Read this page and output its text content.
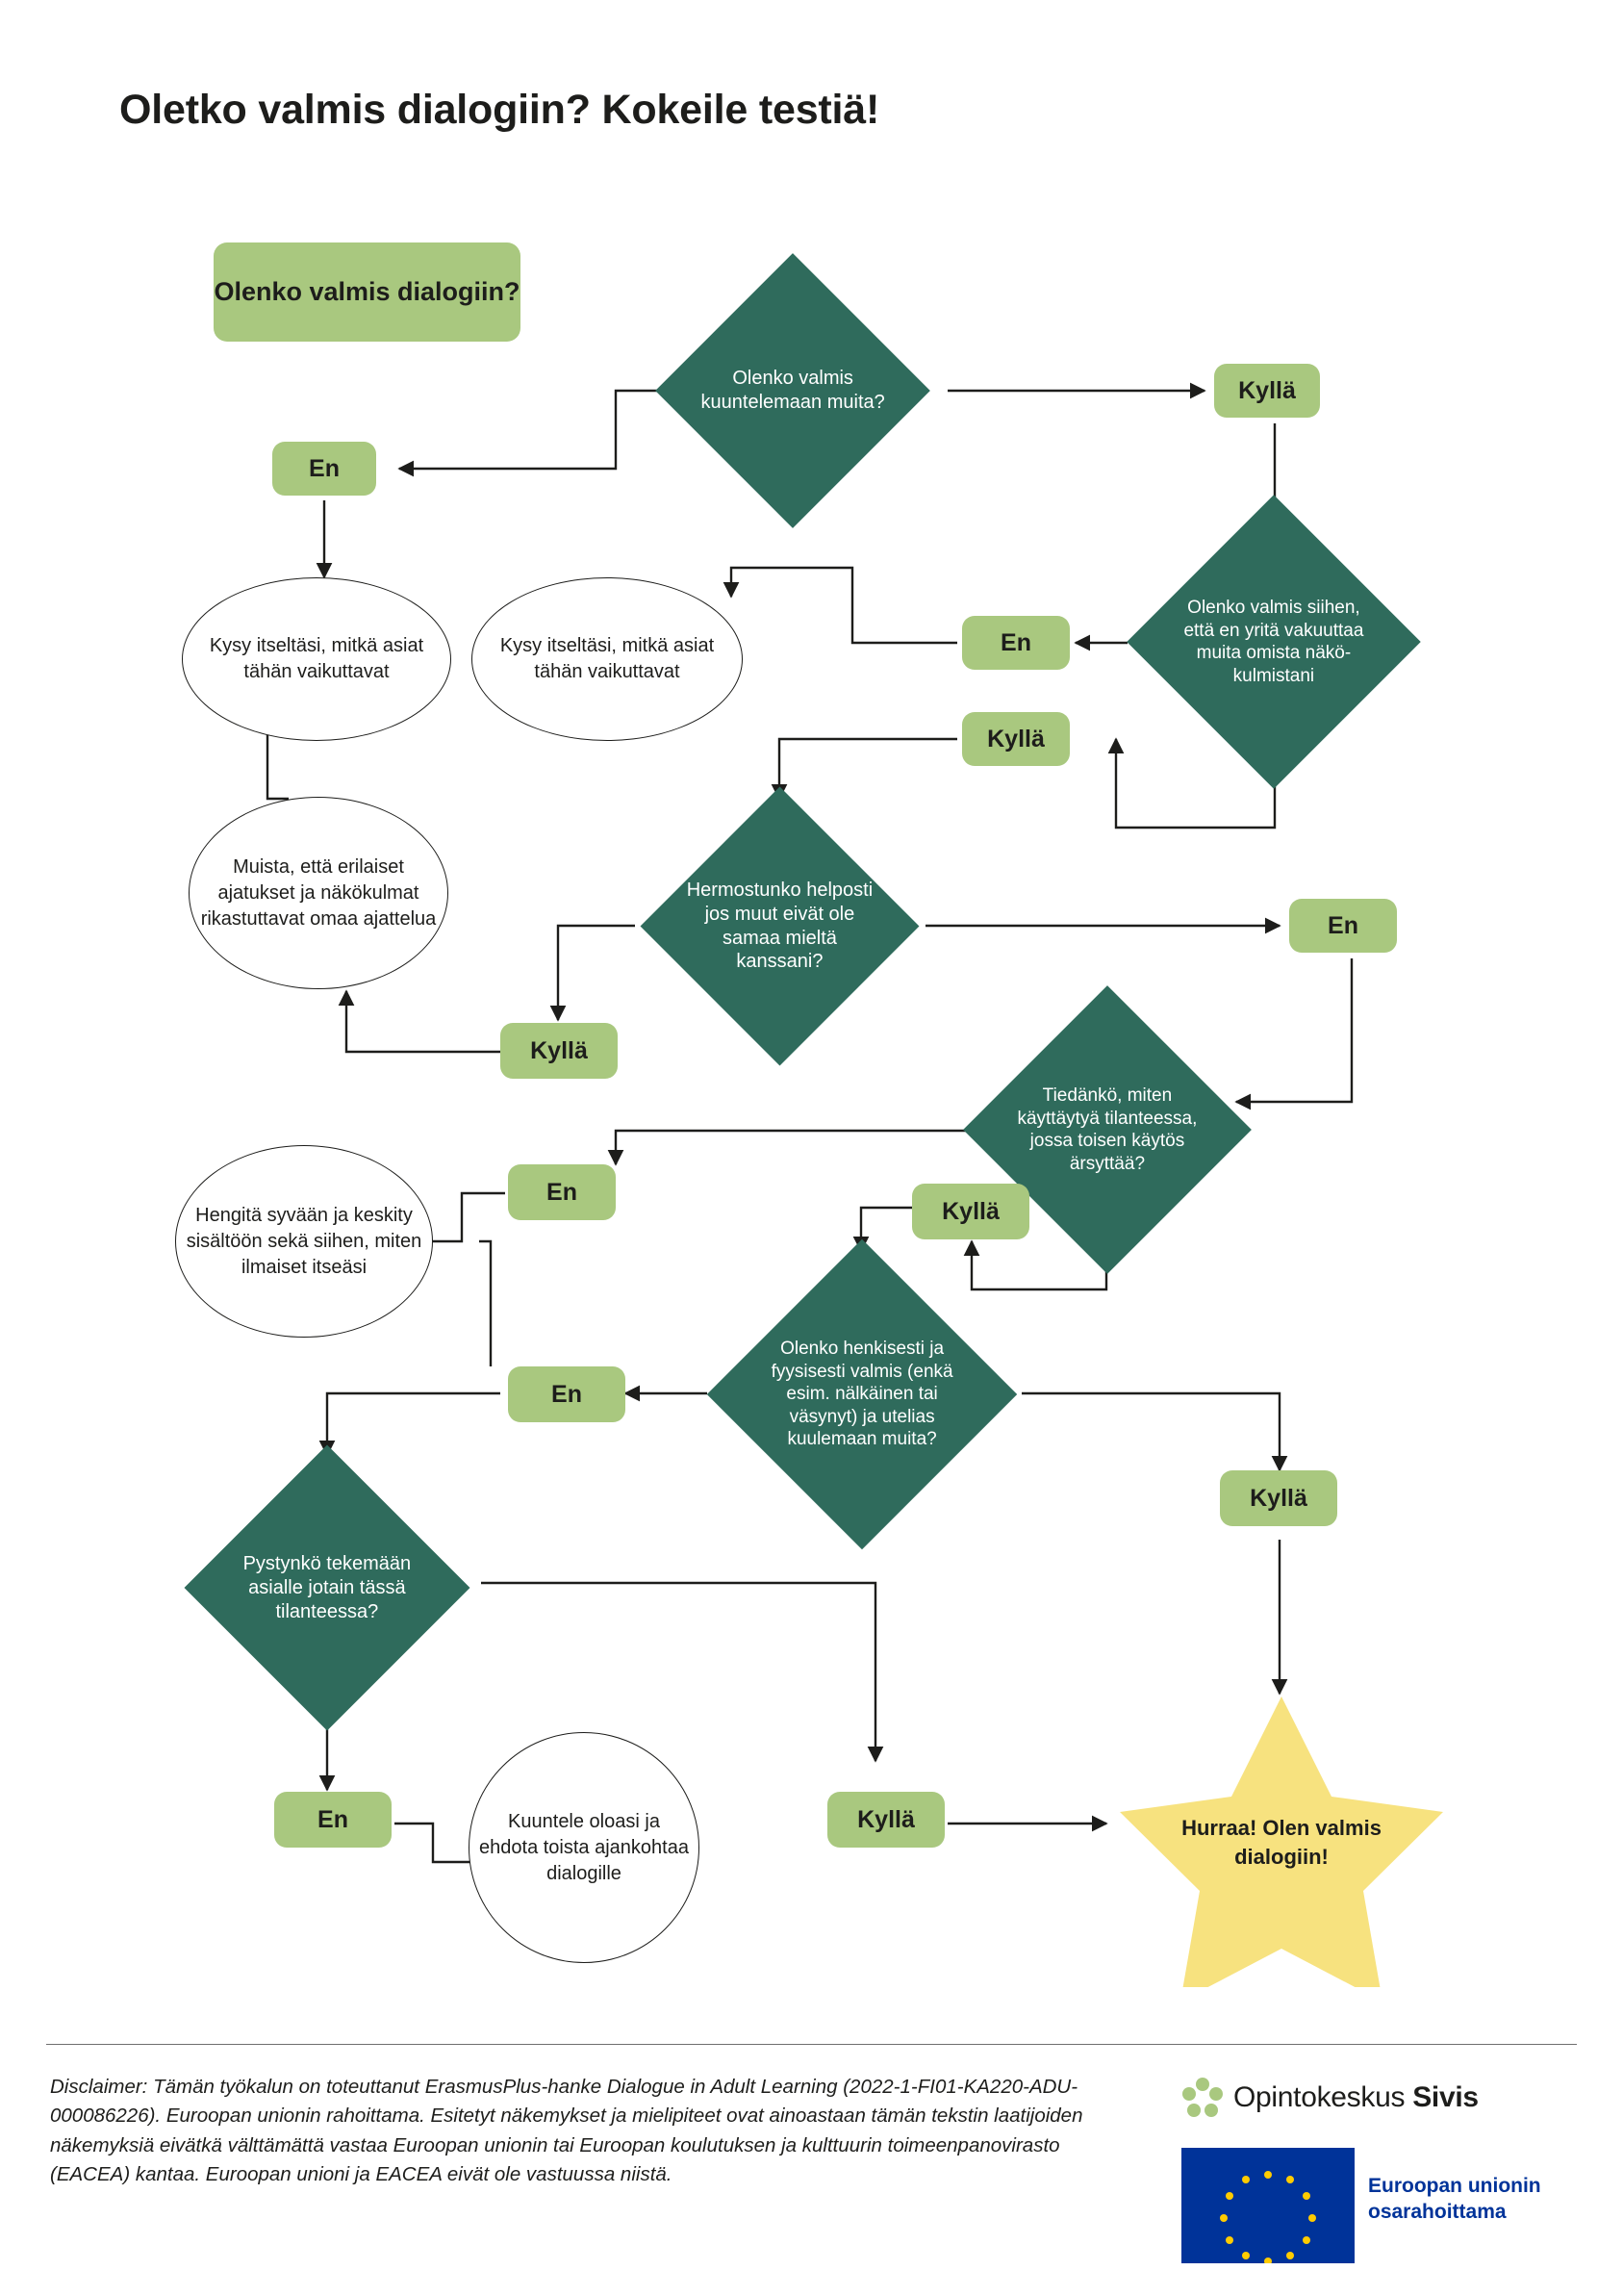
Oletko valmis dialogiin? Kokeile testiä!
Olenko valmis dialogiin?
Olenko valmis kuuntelemaan muita?	Kyllä
En
Olenko valmis siihen, että en yritä vakuuttaa muita omista näkö-kulmistani
En
Kyllä
Kysy itseltäsi, mitkä asiat tähän vaikuttavat
Kysy itseltäsi, mitkä asiat tähän vaikuttavat
Hermostunko helposti jos muut eivät ole samaa mieltä kanssani?
En
Kyllä
Muista, että erilaiset ajatukset ja näkökulmat rikastuttavat omaa ajattelua
Tiedänkö, miten käyttäytyä tilanteessa, jossa toisen käytös ärsyttää?
En
Kyllä
Hengitä syvään ja keskity sisältöön sekä siihen, miten ilmaiset itseäsi
Olenko henkisesti ja fyysisesti valmis (enkä esim. nälkäinen tai väsynyt) ja utelias kuulemaan muita?
En
Kyllä
Pystynkö tekemään asialle jotain tässä tilanteessa?
En	Kyllä
Kuuntele oloasi ja ehdota toista ajankohtaa dialogille
Hurraa! Olen valmis dialogiin!
Disclaimer: Tämän työkalun on toteuttanut ErasmusPlus-hanke Dialogue in Adult Learning (2022-1-FI01-KA220-ADU-000086226). Euroopan unionin rahoittama. Esitetyt näkemykset ja mielipiteet ovat ainoastaan tämän tekstin laatijoiden näkemyksiä eivätkä välttämättä vastaa Euroopan unionin tai Euroopan koulutuksen ja kulttuurin toimeenpanovirasto (EACEA) kantaa. Euroopan unioni ja EACEA eivät ole vastuussa niistä.
Opintokeskus Sivis
Euroopan unionin
osarahoittama
